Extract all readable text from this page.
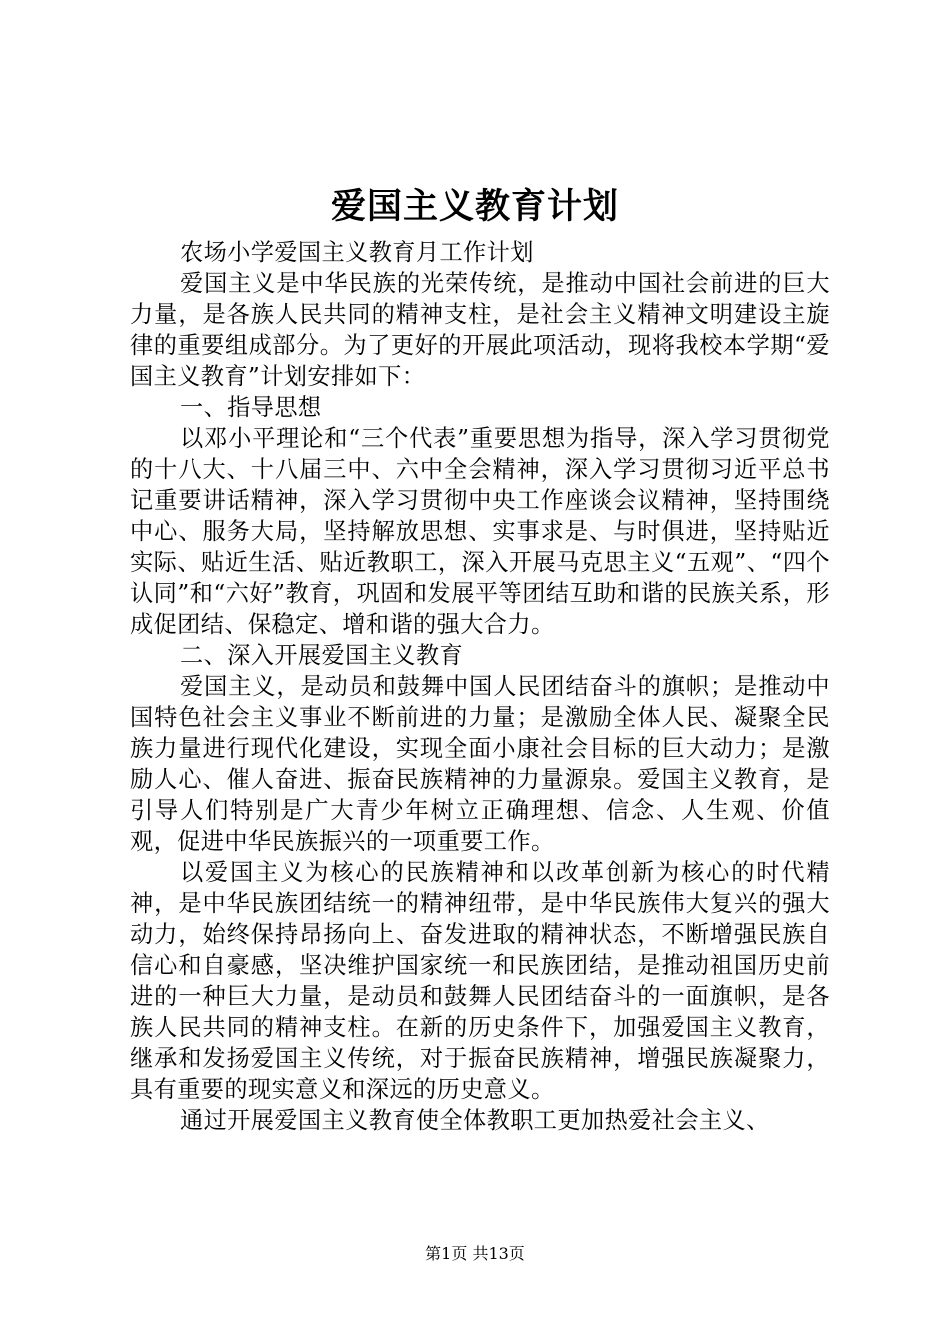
爱国主义教育计划

农场小学爱国主义教育月工作计划

爱国主义是中华民族的光荣传统，是推动中国社会前进的巨大力量，是各族人民共同的精神支柱，是社会主义精神文明建设主旋律的重要组成部分。为了更好的开展此项活动，现将我校本学期“爱国主义教育”计划安排如下：

一、指导思想

以邓小平理论和“三个代表”重要思想为指导，深入学习贯彻党的十八大、十八届三中、六中全会精神，深入学习贯彻习近平总书记重要讲话精神，深入学习贯彻中央工作座谈会议精神，坚持围绕中心、服务大局，坚持解放思想、实事求是、与时俱进，坚持贴近实际、贴近生活、贴近教职工，深入开展马克思主义“五观”、“四个认同”和“六好”教育，巩固和发展平等团结互助和谐的民族关系，形成促团结、保稳定、增和谐的强大合力。

二、深入开展爱国主义教育

爱国主义，是动员和鼓舞中国人民团结奋斗的旗帜；是推动中国特色社会主义事业不断前进的力量；是激励全体人民、凝聚全民族力量进行现代化建设，实现全面小康社会目标的巨大动力；是激励人心、催人奋进、振奋民族精神的力量源泉。爱国主义教育，是引导人们特别是广大青少年树立正确理想、信念、人生观、价值观，促进中华民族振兴的一项重要工作。

以爱国主义为核心的民族精神和以改革创新为核心的时代精神，是中华民族团结统一的精神纽带，是中华民族伟大复兴的强大动力，始终保持昂扬向上、奋发进取的精神状态，不断增强民族自信心和自豪感，坚决维护国家统一和民族团结，是推动祖国历史前进的一种巨大力量，是动员和鼓舞人民团结奋斗的一面旗帜，是各族人民共同的精神支柱。在新的历史条件下，加强爱国主义教育，继承和发扬爱国主义传统，对于振奋民族精神，增强民族凝聚力，具有重要的现实意义和深远的历史意义。

通过开展爱国主义教育使全体教职工更加热爱社会主义、

第1页 共13页
